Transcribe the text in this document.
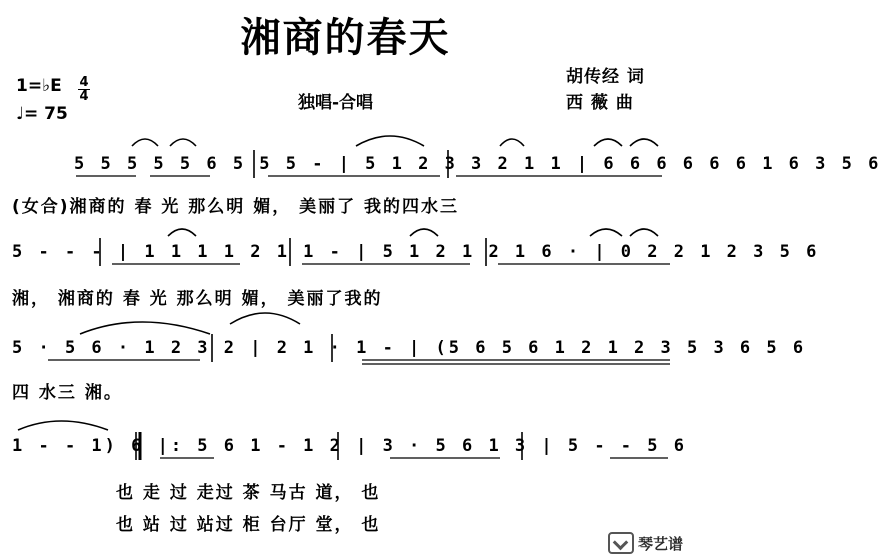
湘商的春天
1=♭E 4
4
♩= 75
独唱-合唱
胡传经 词
西 薇 曲
5 5 5 5 5 6 5 5 5 - | 5 1 2 3 3 2 1 1 | 6 6 6 6 6 6 1 6 3 5 6
(女合)湘商的 春 光 那么明 媚， 美丽了 我的四水三
5 - - - | 1 1 1 1 2 1 1 - | 5 1 2 1 2 1 6 · | 0 2 2 1 2 3 5 6
湘， 湘商的 春 光 那么明 媚， 美丽了我的
5 · 5 6 · 1 2 3 2 | 2 1 · 1 - | (5 6 5 6 1 2 1 2 3 5 3 6 5 6
四 水三 湘。
1 - - 1) 6 |: 5 6 1 - 1 2 | 3 · 5 6 1 3 | 5 - - 5 6
也 走 过 走过 茶 马古 道， 也
也 站 过 站过 柜 台厅 堂， 也
琴艺谱
